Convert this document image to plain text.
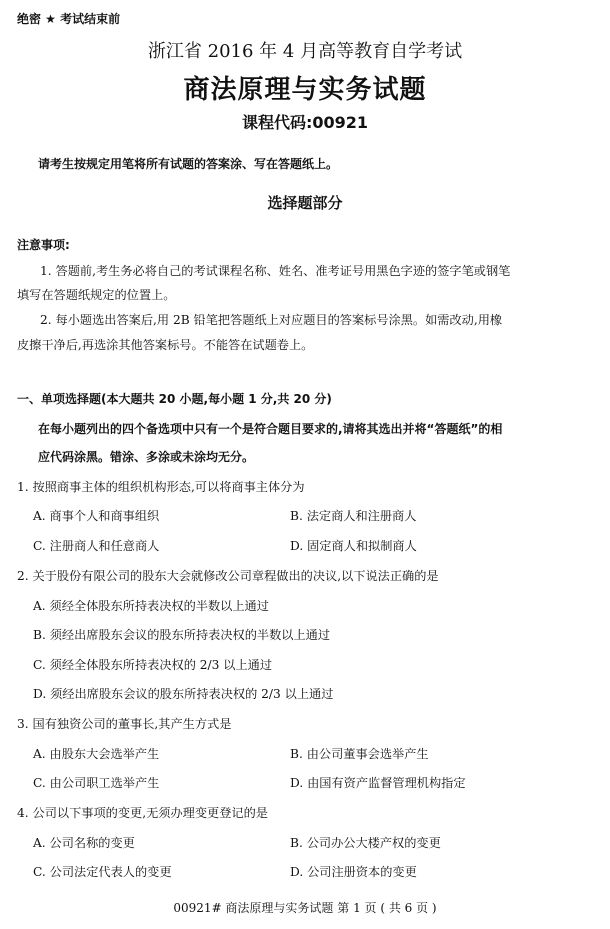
绝密 ★ 考试结束前
浙江省 2016 年 4 月高等教育自学考试
商法原理与实务试题
课程代码:00921
请考生按规定用笔将所有试题的答案涂、写在答题纸上。
选择题部分
注意事项:
1. 答题前,考生务必将自己的考试课程名称、姓名、准考证号用黑色字迹的签字笔或钢笔
填写在答题纸规定的位置上。
2. 每小题选出答案后,用 2B 铅笔把答题纸上对应题目的答案标号涂黑。如需改动,用橡
皮擦干净后,再选涂其他答案标号。不能答在试题卷上。
一、单项选择题(本大题共 20 小题,每小题 1 分,共 20 分)
在每小题列出的四个备选项中只有一个是符合题目要求的,请将其选出并将“答题纸”的相
应代码涂黑。错涂、多涂或未涂均无分。
1. 按照商事主体的组织机构形态,可以将商事主体分为
A. 商事个人和商事组织	B. 法定商人和注册商人
C. 注册商人和任意商人	D. 固定商人和拟制商人
2. 关于股份有限公司的股东大会就修改公司章程做出的决议,以下说法正确的是
A. 须经全体股东所持表决权的半数以上通过
B. 须经出席股东会议的股东所持表决权的半数以上通过
C. 须经全体股东所持表决权的 2/3 以上通过
D. 须经出席股东会议的股东所持表决权的 2/3 以上通过
3. 国有独资公司的董事长,其产生方式是
A. 由股东大会选举产生	B. 由公司董事会选举产生
C. 由公司职工选举产生	D. 由国有资产监督管理机构指定
4. 公司以下事项的变更,无须办理变更登记的是
A. 公司名称的变更	B. 公司办公大楼产权的变更
C. 公司法定代表人的变更	D. 公司注册资本的变更
00921# 商法原理与实务试题 第 1 页 ( 共 6 页 )
